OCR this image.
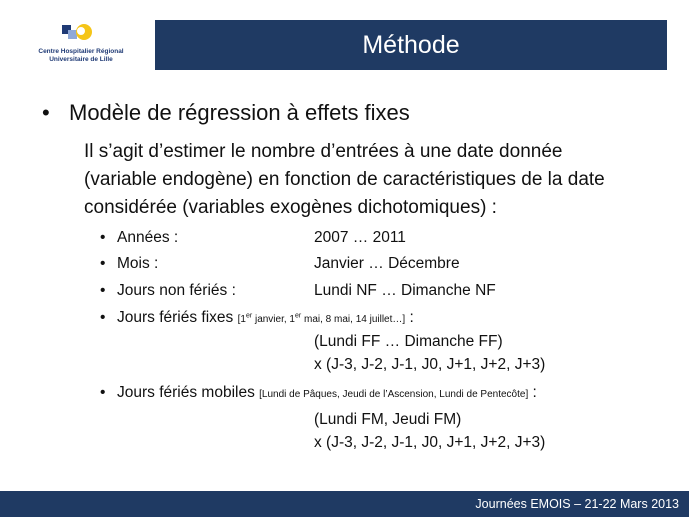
Centre Hospitalier Régional
Universitaire de Lille
Méthode
• Modèle de régression à effets fixes
Il s’agit d’estimer le nombre d’entrées à une date donnée
(variable endogène) en fonction de caractéristiques de la date
considérée (variables exogènes dichotomiques) :
• Années :	2007 … 2011
• Mois :	Janvier … Décembre
• Jours non fériés :	Lundi NF … Dimanche NF
• Jours fériés fixes [1er janvier, 1er mai, 8 mai, 14 juillet…] :
(Lundi FF … Dimanche FF)
x (J-3, J-2, J-1, J0, J+1, J+2, J+3)
• Jours fériés mobiles [Lundi de Pâques, Jeudi de l’Ascension, Lundi de Pentecôte] :
(Lundi FM, Jeudi FM)
x (J-3, J-2, J-1, J0, J+1, J+2, J+3)
Journées EMOIS – 21-22 Mars 2013
